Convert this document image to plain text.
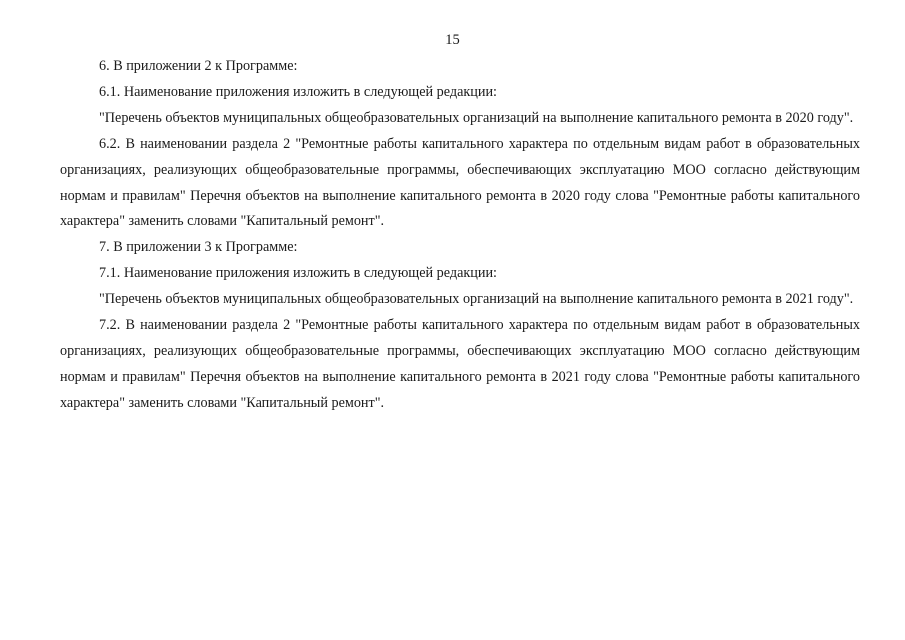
15

6. В приложении 2 к Программе:

6.1. Наименование приложения изложить в следующей редакции:

"Перечень объектов муниципальных общеобразовательных организаций на выполнение капитального ремонта в 2020 году".

6.2. В наименовании раздела 2 "Ремонтные работы капитального характера по отдельным видам работ в образовательных организациях, реализующих общеобразовательные программы, обеспечивающих эксплуатацию МОО согласно действующим нормам и правилам" Перечня объектов на выполнение капитального ремонта в 2020 году слова "Ремонтные работы капитального характера" заменить словами "Капитальный ремонт".

7. В приложении 3 к Программе:

7.1. Наименование приложения изложить в следующей редакции:

"Перечень объектов муниципальных общеобразовательных организаций на выполнение капитального ремонта в 2021 году".

7.2. В наименовании раздела 2 "Ремонтные работы капитального характера по отдельным видам работ в образовательных организациях, реализующих общеобразовательные программы, обеспечивающих эксплуатацию МОО согласно действующим нормам и правилам" Перечня объектов на выполнение капитального ремонта в 2021 году слова "Ремонтные работы капитального характера" заменить словами "Капитальный ремонт".
